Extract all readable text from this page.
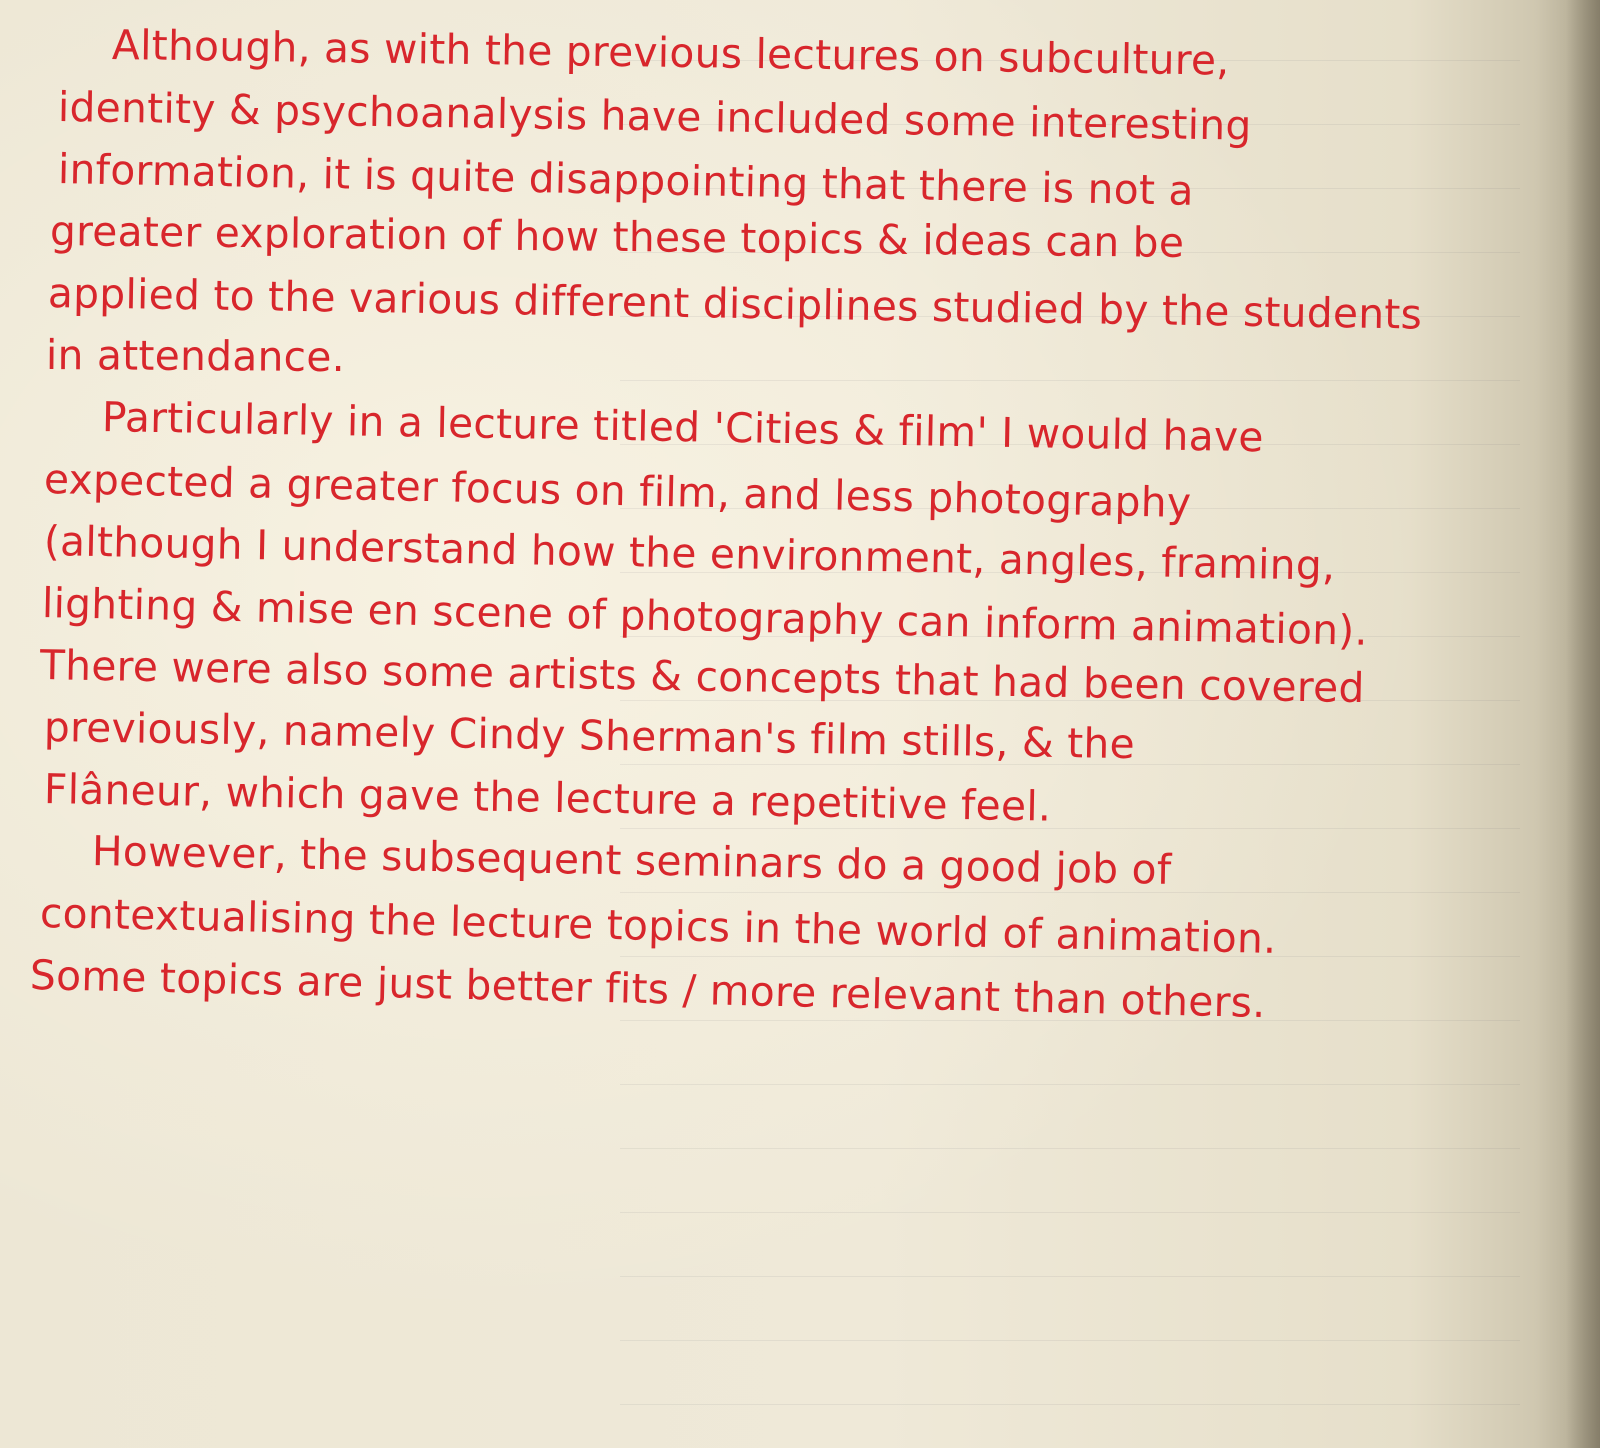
Although, as with the previous lectures on subculture,
identity & psychoanalysis have included some interesting
information, it is quite disappointing that there is not a
greater exploration of how these topics & ideas can be
applied to the various different disciplines studied by the students
in attendance.
Particularly in a lecture titled 'Cities & film' I would have
expected a greater focus on film, and less photography
(although I understand how the environment, angles, framing,
lighting & mise en scene of photography can inform animation).
There were also some artists & concepts that had been covered
previously, namely Cindy Sherman's film stills, & the
Flâneur, which gave the lecture a repetitive feel.
However, the subsequent seminars do a good job of
contextualising the lecture topics in the world of animation.
Some topics are just better fits / more relevant than others.
